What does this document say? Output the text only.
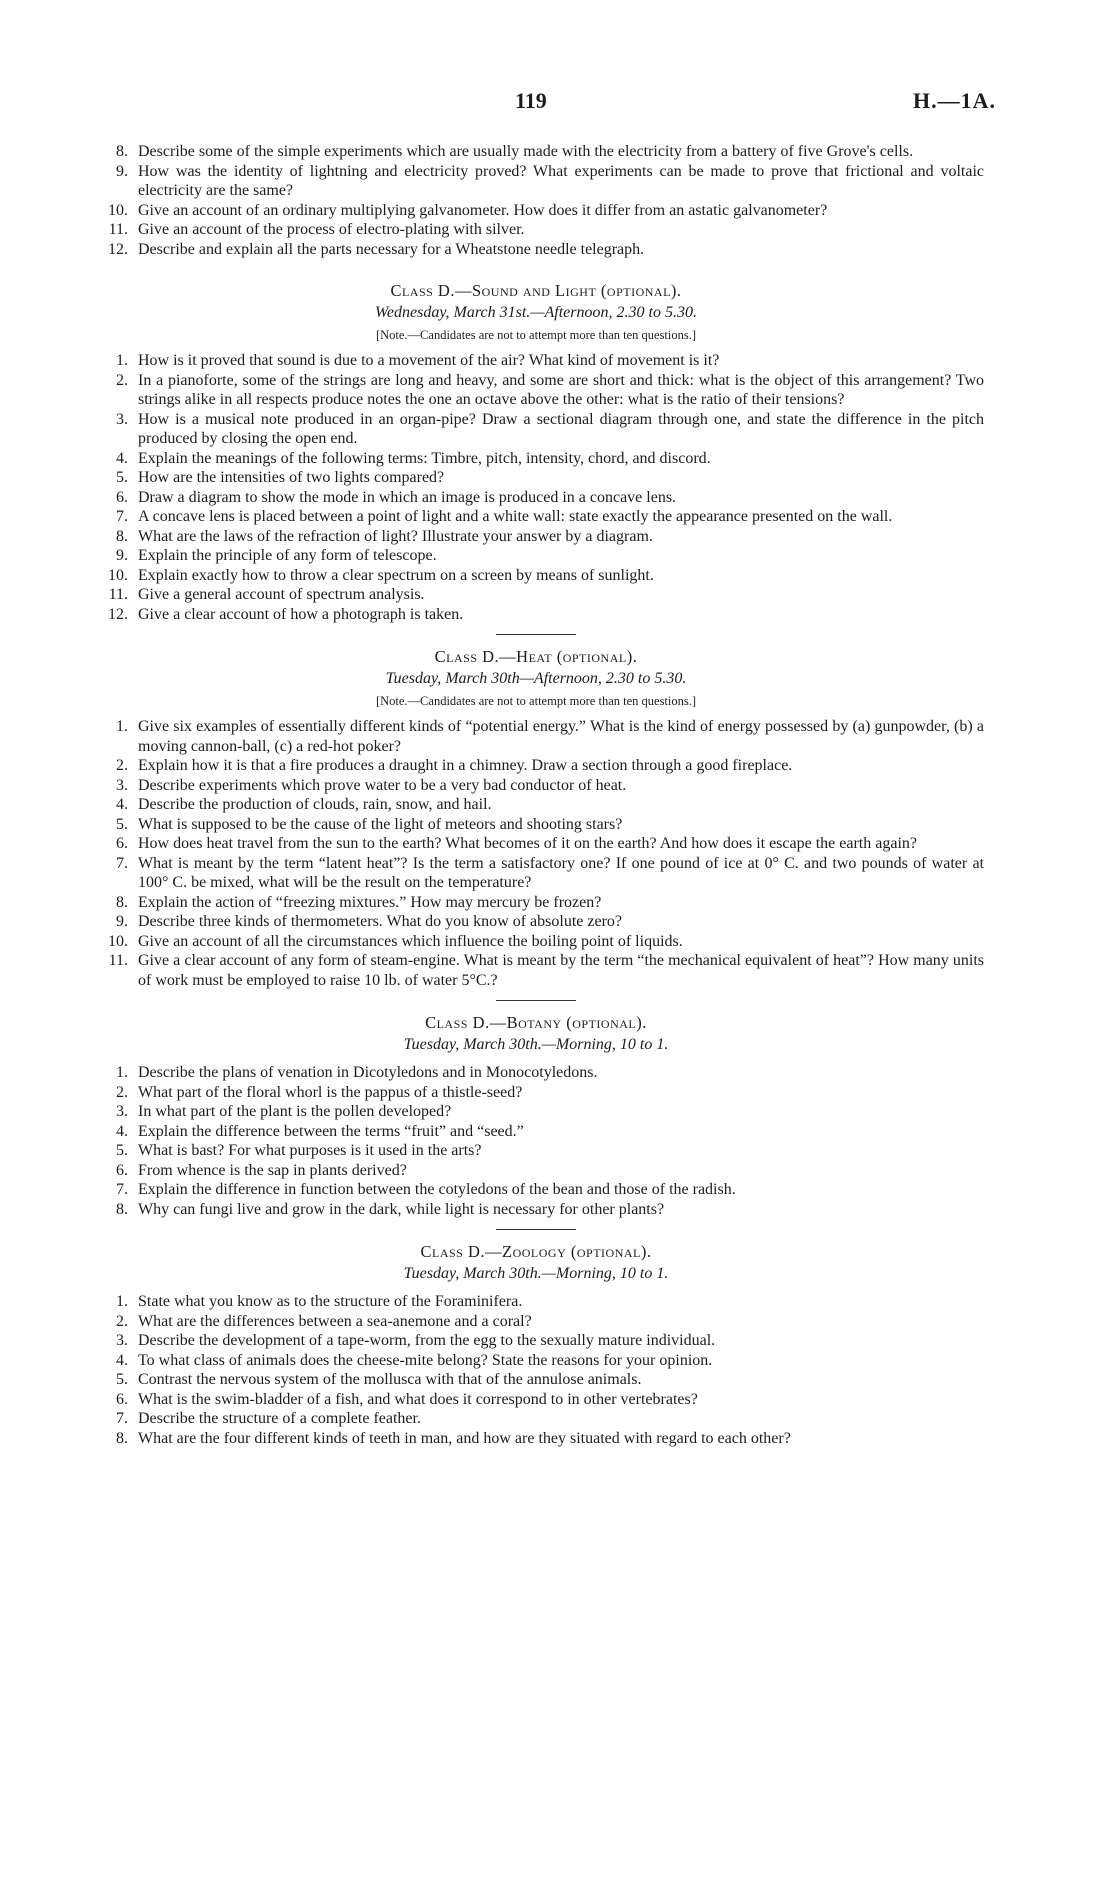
119	H.—1A.
8. Describe some of the simple experiments which are usually made with the electricity from a battery of five Grove's cells.
9. How was the identity of lightning and electricity proved? What experiments can be made to prove that frictional and voltaic electricity are the same?
10. Give an account of an ordinary multiplying galvanometer. How does it differ from an astatic galvanometer?
11. Give an account of the process of electro-plating with silver.
12. Describe and explain all the parts necessary for a Wheatstone needle telegraph.
Class D.—Sound and Light (optional).
Wednesday, March 31st.—Afternoon, 2.30 to 5.30.
[Note.—Candidates are not to attempt more than ten questions.]
1. How is it proved that sound is due to a movement of the air? What kind of movement is it?
2. In a pianoforte, some of the strings are long and heavy, and some are short and thick: what is the object of this arrangement? Two strings alike in all respects produce notes the one an octave above the other: what is the ratio of their tensions?
3. How is a musical note produced in an organ-pipe? Draw a sectional diagram through one, and state the difference in the pitch produced by closing the open end.
4. Explain the meanings of the following terms: Timbre, pitch, intensity, chord, and discord.
5. How are the intensities of two lights compared?
6. Draw a diagram to show the mode in which an image is produced in a concave lens.
7. A concave lens is placed between a point of light and a white wall: state exactly the appearance presented on the wall.
8. What are the laws of the refraction of light? Illustrate your answer by a diagram.
9. Explain the principle of any form of telescope.
10. Explain exactly how to throw a clear spectrum on a screen by means of sunlight.
11. Give a general account of spectrum analysis.
12. Give a clear account of how a photograph is taken.
Class D.—Heat (optional).
Tuesday, March 30th—Afternoon, 2.30 to 5.30.
[Note.—Candidates are not to attempt more than ten questions.]
1. Give six examples of essentially different kinds of “potential energy.” What is the kind of energy possessed by (a) gunpowder, (b) a moving cannon-ball, (c) a red-hot poker?
2. Explain how it is that a fire produces a draught in a chimney. Draw a section through a good fireplace.
3. Describe experiments which prove water to be a very bad conductor of heat.
4. Describe the production of clouds, rain, snow, and hail.
5. What is supposed to be the cause of the light of meteors and shooting stars?
6. How does heat travel from the sun to the earth? What becomes of it on the earth? And how does it escape the earth again?
7. What is meant by the term “latent heat”? Is the term a satisfactory one? If one pound of ice at 0° C. and two pounds of water at 100° C. be mixed, what will be the result on the temperature?
8. Explain the action of “freezing mixtures.” How may mercury be frozen?
9. Describe three kinds of thermometers. What do you know of absolute zero?
10. Give an account of all the circumstances which influence the boiling point of liquids.
11. Give a clear account of any form of steam-engine. What is meant by the term “the mechanical equivalent of heat”? How many units of work must be employed to raise 10 lb. of water 5°C.?
Class D.—Botany (optional).
Tuesday, March 30th.—Morning, 10 to 1.
1. Describe the plans of venation in Dicotyledons and in Monocotyledons.
2. What part of the floral whorl is the pappus of a thistle-seed?
3. In what part of the plant is the pollen developed?
4. Explain the difference between the terms “fruit” and “seed.”
5. What is bast? For what purposes is it used in the arts?
6. From whence is the sap in plants derived?
7. Explain the difference in function between the cotyledons of the bean and those of the radish.
8. Why can fungi live and grow in the dark, while light is necessary for other plants?
Class D.—Zoology (optional).
Tuesday, March 30th.—Morning, 10 to 1.
1. State what you know as to the structure of the Foraminifera.
2. What are the differences between a sea-anemone and a coral?
3. Describe the development of a tape-worm, from the egg to the sexually mature individual.
4. To what class of animals does the cheese-mite belong? State the reasons for your opinion.
5. Contrast the nervous system of the mollusca with that of the annulose animals.
6. What is the swim-bladder of a fish, and what does it correspond to in other vertebrates?
7. Describe the structure of a complete feather.
8. What are the four different kinds of teeth in man, and how are they situated with regard to each other?
